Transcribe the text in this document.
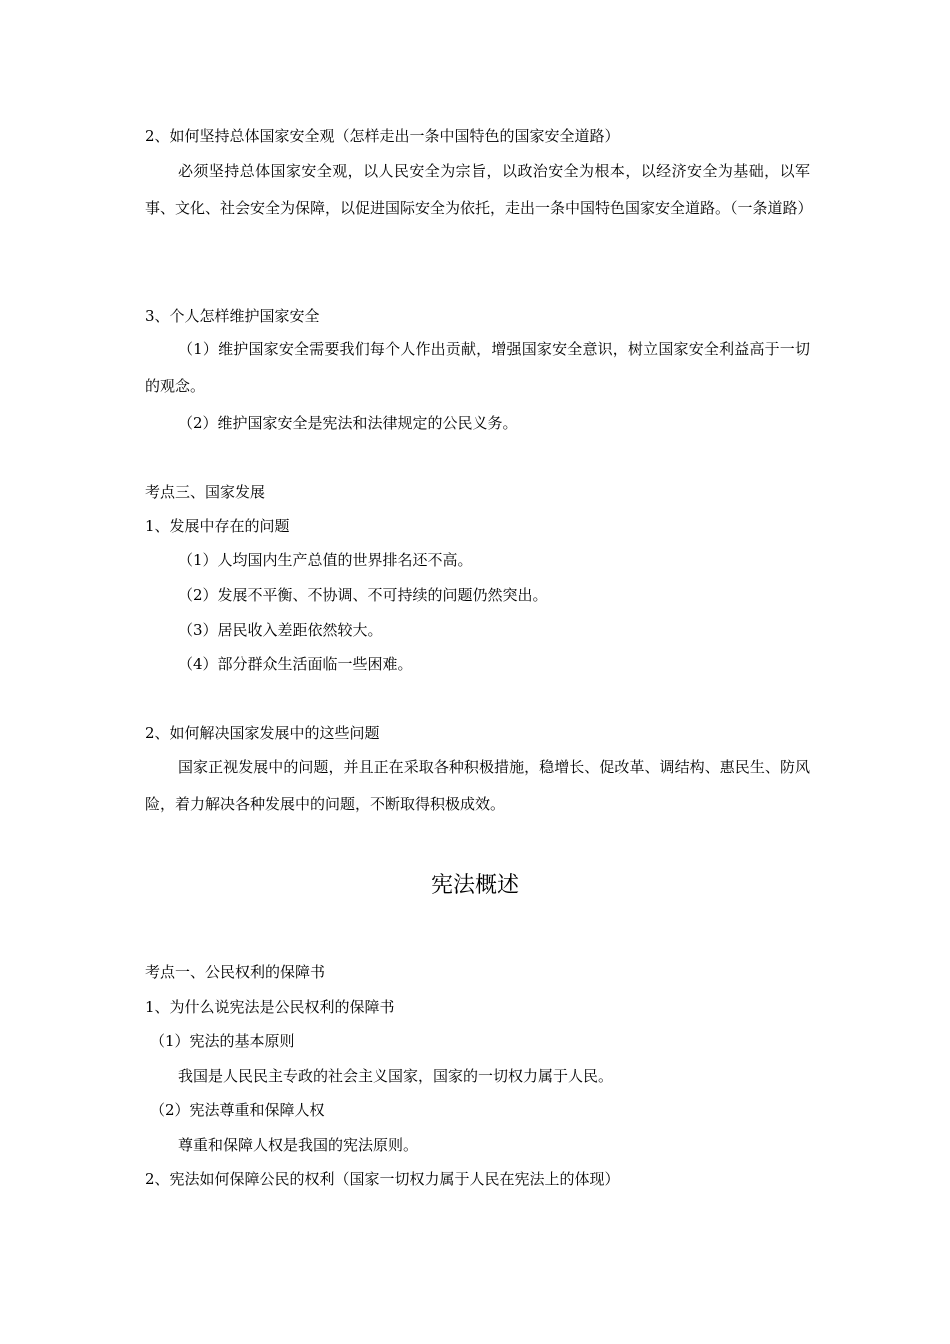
2、如何坚持总体国家安全观（怎样走出一条中国特色的国家安全道路）
必须坚持总体国家安全观，以人民安全为宗旨，以政治安全为根本，以经济安全为基础，以军事、文化、社会安全为保障，以促进国际安全为依托，走出一条中国特色国家安全道路。（一条道路）
3、个人怎样维护国家安全
（1）维护国家安全需要我们每个人作出贡献，增强国家安全意识，树立国家安全利益高于一切的观念。
（2）维护国家安全是宪法和法律规定的公民义务。
考点三、国家发展
1、发展中存在的问题
（1）人均国内生产总值的世界排名还不高。
（2）发展不平衡、不协调、不可持续的问题仍然突出。
（3）居民收入差距依然较大。
（4）部分群众生活面临一些困难。
2、如何解决国家发展中的这些问题
国家正视发展中的问题，并且正在采取各种积极措施，稳增长、促改革、调结构、惠民生、防风险，着力解决各种发展中的问题，不断取得积极成效。
宪法概述
考点一、公民权利的保障书
1、为什么说宪法是公民权利的保障书
（1）宪法的基本原则
我国是人民民主专政的社会主义国家，国家的一切权力属于人民。
（2）宪法尊重和保障人权
尊重和保障人权是我国的宪法原则。
2、宪法如何保障公民的权利（国家一切权力属于人民在宪法上的体现）
